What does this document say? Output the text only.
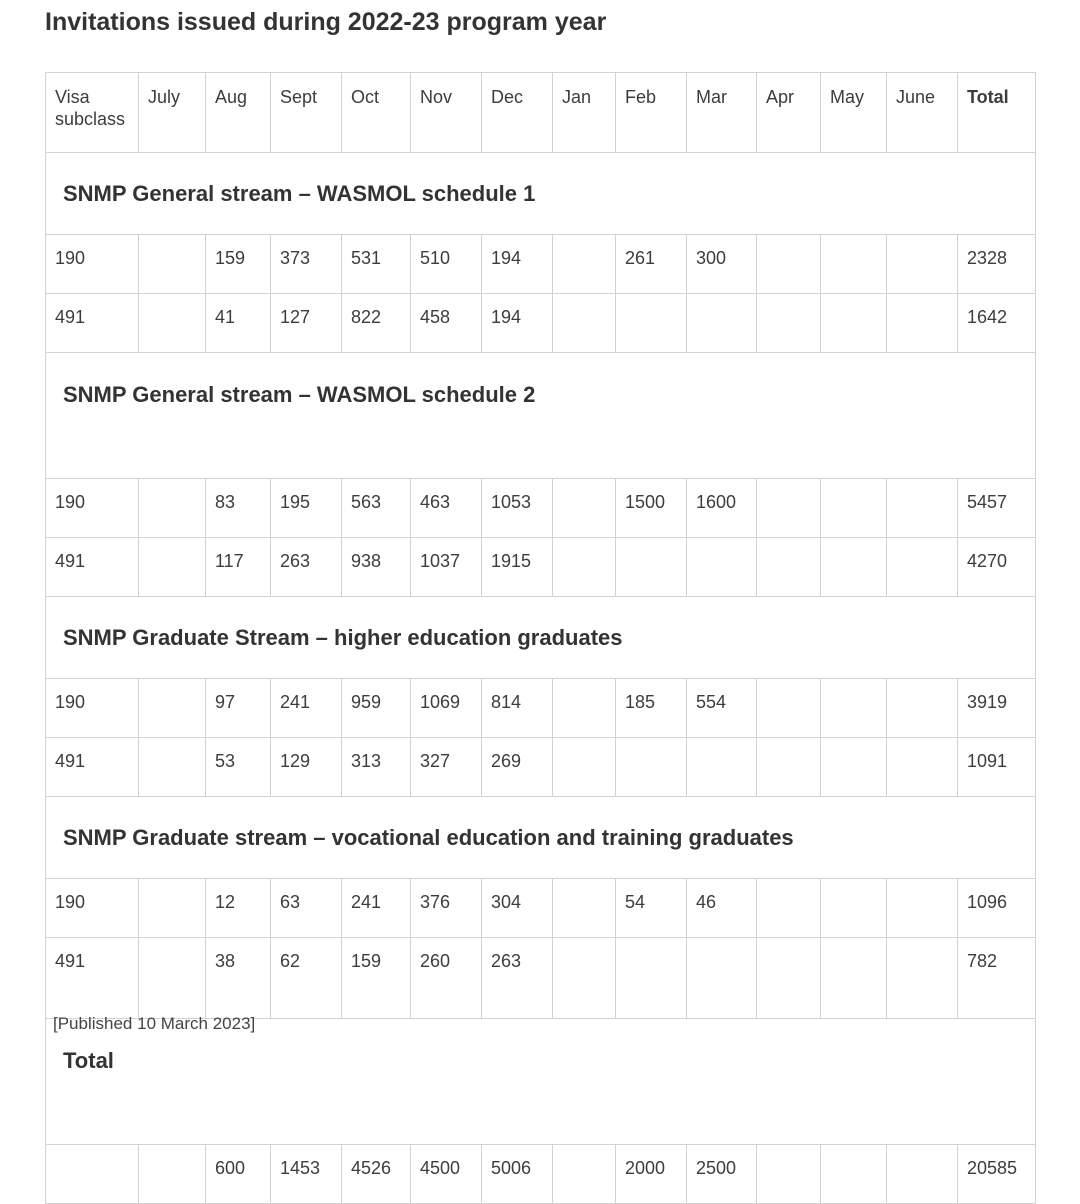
Invitations issued during 2022-23 program year
Visa subclass	July	Aug	Sept	Oct	Nov	Dec	Jan	Feb	Mar	Apr	May	June	Total
SNMP General stream – WASMOL schedule 1													
190		159	373	531	510	194		261	300				2328
491		41	127	822	458	194							1642
SNMP General stream – WASMOL schedule 2													
190		83	195	563	463	1053		1500	1600				5457
491		117	263	938	1037	1915							4270
SNMP Graduate Stream – higher education graduates													
190		97	241	959	1069	814		185	554				3919
491		53	129	313	327	269							1091
SNMP Graduate stream – vocational education and training graduates													
190		12	63	241	376	304		54	46				1096
491		38	62	159	260	263							782
Total													
		600	1453	4526	4500	5006		2000	2500				20585
[Published 10 March 2023]
